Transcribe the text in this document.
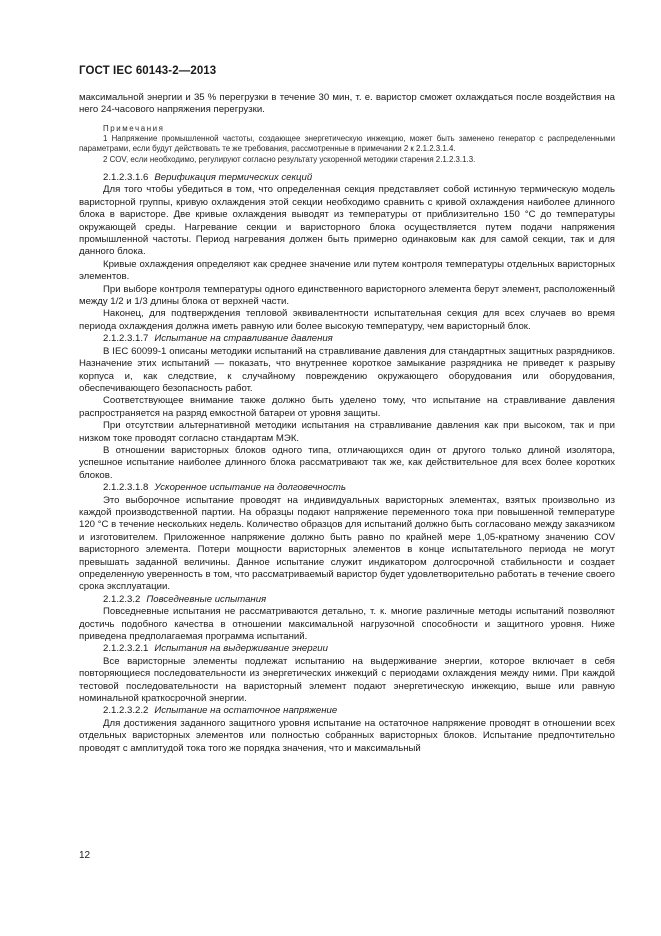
ГОСТ IEC 60143-2—2013

максимальной энергии и 35 % перегрузки в течение 30 мин, т. е. варистор сможет охлаждаться после воздействия на него 24-часового напряжения перегрузки.

Примечания

1 Напряжение промышленной частоты, создающее энергетическую инжекцию, может быть заменено генератор с распределенными параметрами, если будут действовать те же требования, рассмотренные в примечании 2 к 2.1.2.3.1.4.

2 COV, если необходимо, регулируют согласно результату ускоренной методики старения 2.1.2.3.1.3.

2.1.2.3.1.6 Верификация термических секций

Для того чтобы убедиться в том, что определенная секция представляет собой истинную термическую модель варисторной группы, кривую охлаждения этой секции необходимо сравнить с кривой охлаждения наиболее длинного блока в варисторе. Две кривые охлаждения выводят из температуры от приблизительно 150 °С до температуры окружающей среды. Нагревание секции и варисторного блока осуществляется путем подачи напряжения промышленной частоты. Период нагревания должен быть примерно одинаковым как для самой секции, так и для данного блока.

Кривые охлаждения определяют как среднее значение или путем контроля температуры отдельных варисторных элементов.

При выборе контроля температуры одного единственного варисторного элемента берут элемент, расположенный между 1/2 и 1/3 длины блока от верхней части.

Наконец, для подтверждения тепловой эквивалентности испытательная секция для всех случаев во время периода охлаждения должна иметь равную или более высокую температуру, чем варисторный блок.

2.1.2.3.1.7 Испытание на стравливание давления

В IEC 60099-1 описаны методики испытаний на стравливание давления для стандартных защитных разрядников. Назначение этих испытаний — показать, что внутреннее короткое замыкание разрядника не приведет к разрыву корпуса и, как следствие, к случайному повреждению окружающего оборудования или оборудования, обеспечивающего безопасность работ.

Соответствующее внимание также должно быть уделено тому, что испытание на стравливание давления распространяется на разряд емкостной батареи от уровня защиты.

При отсутствии альтернативной методики испытания на стравливание давления как при высоком, так и при низком токе проводят согласно стандартам МЭК.

В отношении варисторных блоков одного типа, отличающихся один от другого только длиной изолятора, успешное испытание наиболее длинного блока рассматривают так же, как действительное для всех более коротких блоков.

2.1.2.3.1.8 Ускоренное испытание на долговечность

Это выборочное испытание проводят на индивидуальных варисторных элементах, взятых произвольно из каждой производственной партии. На образцы подают напряжение переменного тока при повышенной температуре 120 °С в течение нескольких недель. Количество образцов для испытаний должно быть согласовано между заказчиком и изготовителем. Приложенное напряжение должно быть равно по крайней мере 1,05-кратному значению COV варисторного элемента. Потери мощности варисторных элементов в конце испытательного периода не могут превышать заданной величины. Данное испытание служит индикатором долгосрочной стабильности и создает определенную уверенность в том, что рассматриваемый варистор будет удовлетворительно работать в течение своего срока эксплуатации.

2.1.2.3.2 Повседневные испытания

Повседневные испытания не рассматриваются детально, т. к. многие различные методы испытаний позволяют достичь подобного качества в отношении максимальной нагрузочной способности и защитного уровня. Ниже приведена предполагаемая программа испытаний.

2.1.2.3.2.1 Испытания на выдерживание энергии

Все варисторные элементы подлежат испытанию на выдерживание энергии, которое включает в себя повторяющиеся последовательности из энергетических инжекций с периодами охлаждения между ними. При каждой тестовой последовательности на варисторный элемент подают энергетическую инжекцию, выше или равную номинальной краткосрочной энергии.

2.1.2.3.2.2 Испытание на остаточное напряжение

Для достижения заданного защитного уровня испытание на остаточное напряжение проводят в отношении всех отдельных варисторных элементов или полностью собранных варисторных блоков. Испытание предпочтительно проводят с амплитудой тока того же порядка значения, что и максимальный

12
